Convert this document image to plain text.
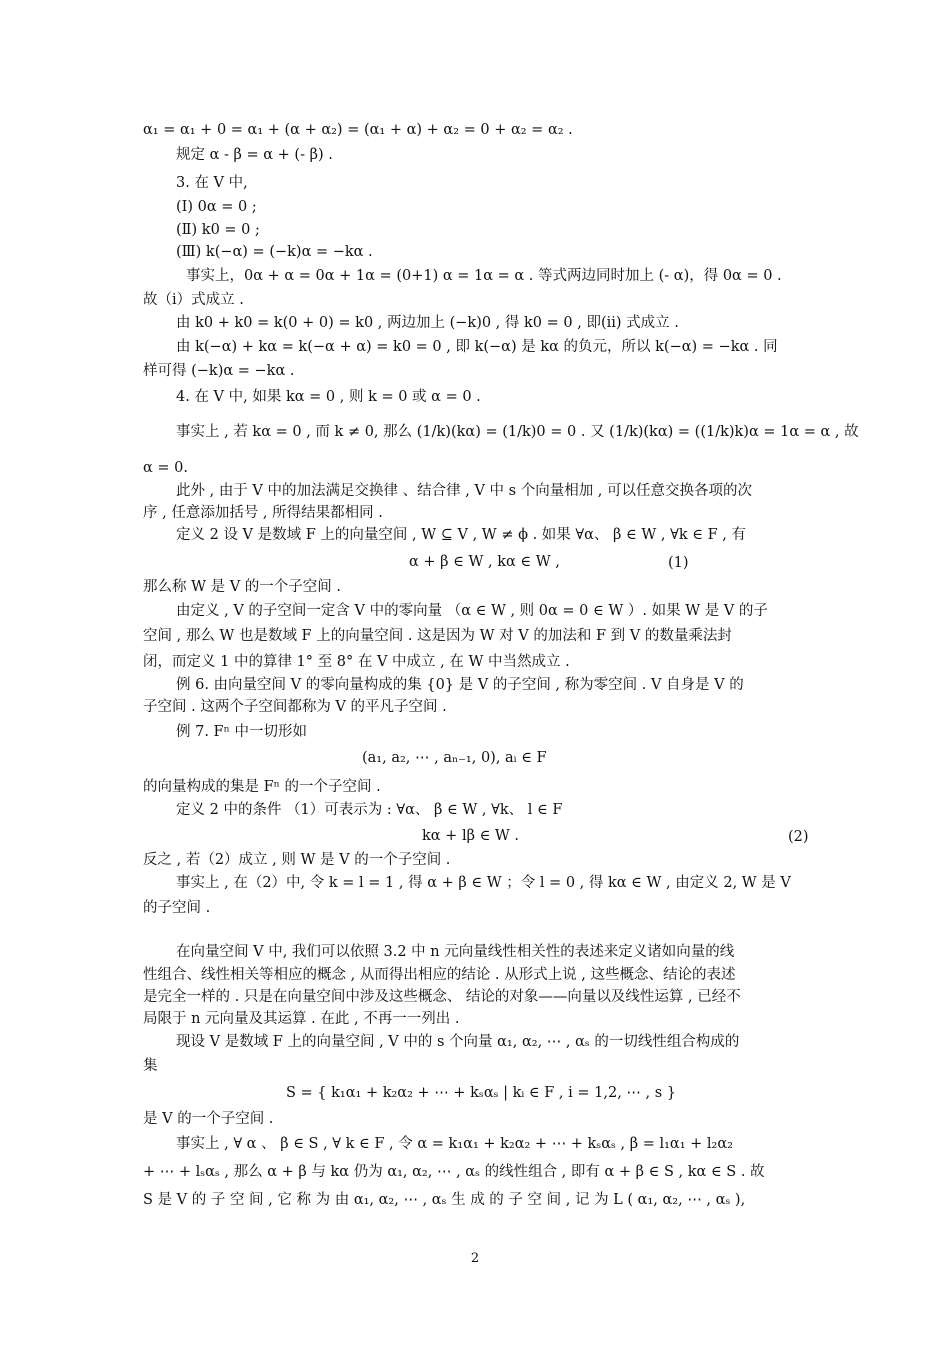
α₁ = α₁ + 0 = α₁ + (α + α₂) = (α₁ + α) + α₂ = 0 + α₂ = α₂ .
规定 α - β = α + (- β) .
3. 在 V 中,
(Ⅰ) 0α = 0 ;
(Ⅱ) k0 = 0 ;
(Ⅲ) k(−α) = (−k)α = −kα .
事实上，0α + α = 0α + 1α = (0+1) α = 1α = α . 等式两边同时加上 (- α)，得 0α = 0 .
故（i）式成立 .
由 k0 + k0 = k(0 + 0) = k0 , 两边加上 (−k)0 , 得 k0 = 0 , 即(ii) 式成立 .
由 k(−α) + kα = k(−α + α) = k0 = 0 , 即 k(−α) 是 kα 的负元，所以 k(−α) = −kα . 同
样可得 (−k)α = −kα .
4. 在 V 中, 如果 kα = 0 , 则 k = 0 或 α = 0 .
事实上 , 若 kα = 0 , 而 k ≠ 0, 那么 (1/k)(kα) = (1/k)0 = 0 . 又 (1/k)(kα) = ((1/k)k)α = 1α = α , 故
α = 0.
此外 , 由于 V 中的加法满足交换律 、结合律 , V 中 s 个向量相加 , 可以任意交换各项的次
序 , 任意添加括号 , 所得结果都相同 .
定义 2 设 V 是数域 F 上的向量空间 , W ⊆ V , W ≠ ϕ . 如果 ∀α、 β ∈ W , ∀k ∈ F , 有
α + β ∈ W , kα ∈ W ,	(1)
那么称 W 是 V 的一个子空间 .
由定义 , V 的子空间一定含 V 中的零向量 （α ∈ W , 则 0α = 0 ∈ W ）. 如果 W 是 V 的子
空间 , 那么 W 也是数域 F 上的向量空间 . 这是因为 W 对 V 的加法和 F 到 V 的数量乘法封
闭，而定义 1 中的算律 1° 至 8° 在 V 中成立 , 在 W 中当然成立 .
例 6. 由向量空间 V 的零向量构成的集 {0} 是 V 的子空间 , 称为零空间 . V 自身是 V 的
子空间 . 这两个子空间都称为 V 的平凡子空间 .
例 7. Fⁿ 中一切形如
(a₁, a₂, ⋯ , aₙ₋₁, 0), aᵢ ∈ F
的向量构成的集是 Fⁿ 的一个子空间 .
定义 2 中的条件 （1）可表示为 : ∀α、 β ∈ W , ∀k、 l ∈ F
kα + lβ ∈ W .	(2)
反之 , 若（2）成立 , 则 W 是 V 的一个子空间 .
事实上 , 在（2）中, 令 k = l = 1 , 得 α + β ∈ W ；令 l = 0 , 得 kα ∈ W , 由定义 2, W 是 V
的子空间 .
在向量空间 V 中, 我们可以依照 3.2 中 n 元向量线性相关性的表述来定义诸如向量的线
性组合、线性相关等相应的概念 , 从而得出相应的结论 . 从形式上说 , 这些概念、结论的表述
是完全一样的 . 只是在向量空间中涉及这些概念、 结论的对象——向量以及线性运算 , 已经不
局限于 n 元向量及其运算 . 在此 , 不再一一列出 .
现设 V 是数域 F 上的向量空间 , V 中的 s 个向量 α₁, α₂, ⋯ , αₛ 的一切线性组合构成的
集
S = { k₁α₁ + k₂α₂ + ⋯ + kₛαₛ | kᵢ ∈ F , i = 1,2, ⋯ , s }
是 V 的一个子空间 .
事实上 , ∀ α 、 β ∈ S , ∀ k ∈ F , 令 α = k₁α₁ + k₂α₂ + ⋯ + kₛαₛ , β = l₁α₁ + l₂α₂
+ ⋯ + lₛαₛ , 那么 α + β 与 kα 仍为 α₁, α₂, ⋯ , αₛ 的线性组合 , 即有 α + β ∈ S , kα ∈ S . 故
S 是 V 的 子 空 间 , 它 称 为 由 α₁, α₂, ⋯ , αₛ 生 成 的 子 空 间 , 记 为 L ( α₁, α₂, ⋯ , αₛ ),
2
